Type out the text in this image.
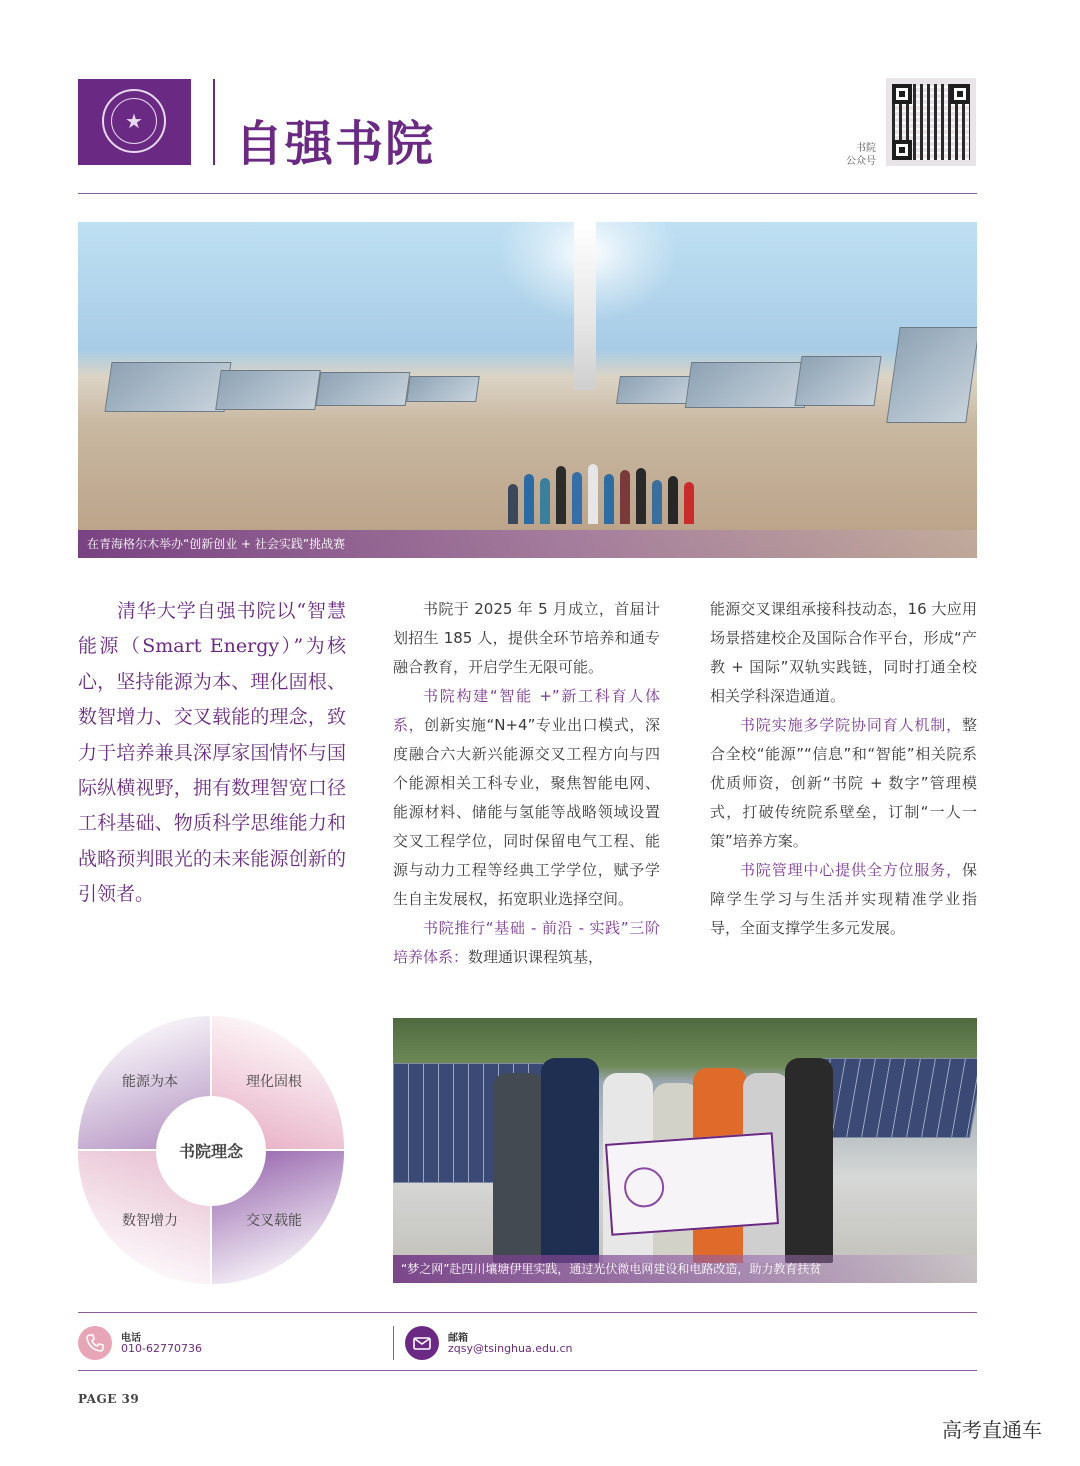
★	自强书院	书院
公众号
在青海格尔木举办“创新创业 + 社会实践”挑战赛
清华大学自强书院以“智慧能源（Smart Energy）”为核心，坚持能源为本、理化固根、数智增力、交叉载能的理念，致力于培养兼具深厚家国情怀与国际纵横视野，拥有数理智宽口径工科基础、物质科学思维能力和战略预判眼光的未来能源创新的引领者。

书院于 2025 年 5 月成立，首届计划招生 185 人，提供全环节培养和通专融合教育，开启学生无限可能。

书院构建“智能 +”新工科育人体系，创新实施“N+4”专业出口模式，深度融合六大新兴能源交叉工程方向与四个能源相关工科专业，聚焦智能电网、能源材料、储能与氢能等战略领域设置交叉工程学位，同时保留电气工程、能源与动力工程等经典工学学位，赋予学生自主发展权，拓宽职业选择空间。

书院推行“基础 - 前沿 - 实践”三阶培养体系：数理通识课程筑基，

能源交叉课组承接科技动态，16 大应用场景搭建校企及国际合作平台，形成“产教 + 国际”双轨实践链，同时打通全校相关学科深造通道。

书院实施多学院协同育人机制，整合全校“能源”“信息”和“智能”相关院系优质师资，创新“书院 + 数字”管理模式，打破传统院系壁垒，订制“一人一策”培养方案。

书院管理中心提供全方位服务，保障学生学习与生活并实现精准学业指导，全面支撑学生多元发展。

书院理念
能源为本	理化固根
数智增力	交叉载能
“梦之网”赴四川壤塘伊里实践，通过光伏微电网建设和电路改造，助力教育扶贫
电话
010-62770736
邮箱
zqsy@tsinghua.edu.cn
PAGE 39
高考直通车
